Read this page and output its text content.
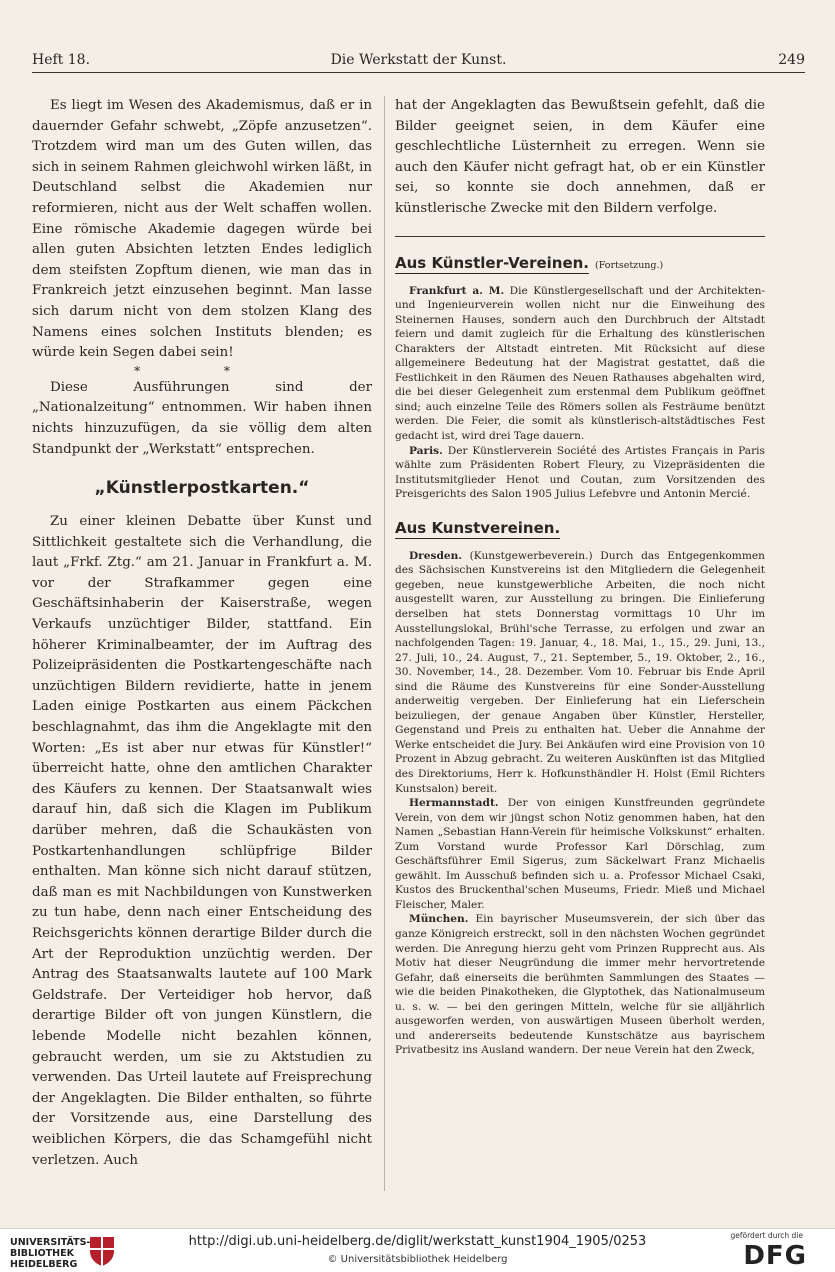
Heft 18.	Die Werkstatt der Kunst.	249

Es liegt im Wesen des Akademismus, daß er in dauernder Gefahr schwebt, „Zöpfe anzusetzen“. Trotzdem wird man um des Guten willen, das sich in seinem Rahmen gleichwohl wirken läßt, in Deutschland selbst die Akademien nur reformieren, nicht aus der Welt schaffen wollen. Eine römische Akademie dagegen würde bei allen guten Absichten letzten Endes lediglich dem steifsten Zopftum dienen, wie man das in Frankreich jetzt einzusehen beginnt. Man lasse sich darum nicht von dem stolzen Klang des Namens eines solchen Instituts blenden; es würde kein Segen dabei sein!

* *

Diese Ausführungen sind der „Nationalzeitung“ entnommen. Wir haben ihnen nichts hinzuzufügen, da sie völlig dem alten Standpunkt der „Werkstatt“ entsprechen.

„Künstlerpostkarten.“

Zu einer kleinen Debatte über Kunst und Sittlichkeit gestaltete sich die Verhandlung, die laut „Frkf. Ztg.“ am 21. Januar in Frankfurt a. M. vor der Strafkammer gegen eine Geschäftsinhaberin der Kaiserstraße, wegen Verkaufs unzüchtiger Bilder, stattfand. Ein höherer Kriminalbeamter, der im Auftrag des Polizeipräsidenten die Postkartengeschäfte nach unzüchtigen Bildern revidierte, hatte in jenem Laden einige Postkarten aus einem Päckchen beschlagnahmt, das ihm die Angeklagte mit den Worten: „Es ist aber nur etwas für Künstler!“ überreicht hatte, ohne den amtlichen Charakter des Käufers zu kennen. Der Staatsanwalt wies darauf hin, daß sich die Klagen im Publikum darüber mehren, daß die Schaukästen von Postkartenhandlungen schlüpfrige Bilder enthalten. Man könne sich nicht darauf stützen, daß man es mit Nachbildungen von Kunstwerken zu tun habe, denn nach einer Entscheidung des Reichsgerichts können derartige Bilder durch die Art der Reproduktion unzüchtig werden. Der Antrag des Staatsanwalts lautete auf 100 Mark Geldstrafe. Der Verteidiger hob hervor, daß derartige Bilder oft von jungen Künstlern, die lebende Modelle nicht bezahlen können, gebraucht werden, um sie zu Aktstudien zu verwenden. Das Urteil lautete auf Freisprechung der Angeklagten. Die Bilder enthalten, so führte der Vorsitzende aus, eine Darstellung des weiblichen Körpers, die das Schamgefühl nicht verletzen. Auch

hat der Angeklagten das Bewußtsein gefehlt, daß die Bilder geeignet seien, in dem Käufer eine geschlechtliche Lüsternheit zu erregen. Wenn sie auch den Käufer nicht gefragt hat, ob er ein Künstler sei, so konnte sie doch annehmen, daß er künstlerische Zwecke mit den Bildern verfolge.

Aus Künstler-Vereinen. (Fortsetzung.)

Frankfurt a. M. Die Künstlergesellschaft und der Architekten- und Ingenieurverein wollen nicht nur die Einweihung des Steinernen Hauses, sondern auch den Durchbruch der Altstadt feiern und damit zugleich für die Erhaltung des künstlerischen Charakters der Altstadt eintreten. Mit Rücksicht auf diese allgemeinere Bedeutung hat der Magistrat gestattet, daß die Festlichkeit in den Räumen des Neuen Rathauses abgehalten wird, die bei dieser Gelegenheit zum erstenmal dem Publikum geöffnet sind; auch einzelne Teile des Römers sollen als Festräume benützt werden. Die Feier, die somit als künstlerisch-altstädtisches Fest gedacht ist, wird drei Tage dauern.

Paris. Der Künstlerverein Société des Artistes Français in Paris wählte zum Präsidenten Robert Fleury, zu Vizepräsidenten die Institutsmitglieder Henot und Coutan, zum Vorsitzenden des Preisgerichts des Salon 1905 Julius Lefebvre und Antonin Mercié.

Aus Kunstvereinen.

Dresden. (Kunstgewerbeverein.) Durch das Entgegenkommen des Sächsischen Kunstvereins ist den Mitgliedern die Gelegenheit gegeben, neue kunstgewerbliche Arbeiten, die noch nicht ausgestellt waren, zur Ausstellung zu bringen. Die Einlieferung derselben hat stets Donnerstag vormittags 10 Uhr im Ausstellungslokal, Brühl'sche Terrasse, zu erfolgen und zwar an nachfolgenden Tagen: 19. Januar, 4., 18. Mai, 1., 15., 29. Juni, 13., 27. Juli, 10., 24. August, 7., 21. September, 5., 19. Oktober, 2., 16., 30. November, 14., 28. Dezember. Vom 10. Februar bis Ende April sind die Räume des Kunstvereins für eine Sonder-Ausstellung anderweitig vergeben. Der Einlieferung hat ein Lieferschein beizuliegen, der genaue Angaben über Künstler, Hersteller, Gegenstand und Preis zu enthalten hat. Ueber die Annahme der Werke entscheidet die Jury. Bei Ankäufen wird eine Provision von 10 Prozent in Abzug gebracht. Zu weiteren Auskünften ist das Mitglied des Direktoriums, Herr k. Hofkunsthändler H. Holst (Emil Richters Kunstsalon) bereit.

Hermannstadt. Der von einigen Kunstfreunden gegründete Verein, von dem wir jüngst schon Notiz genommen haben, hat den Namen „Sebastian Hann-Verein für heimische Volkskunst“ erhalten. Zum Vorstand wurde Professor Karl Dörschlag, zum Geschäftsführer Emil Sigerus, zum Säckelwart Franz Michaelis gewählt. Im Ausschuß befinden sich u. a. Professor Michael Csaki, Kustos des Bruckenthal'schen Museums, Friedr. Mieß und Michael Fleischer, Maler.

München. Ein bayrischer Museumsverein, der sich über das ganze Königreich erstreckt, soll in den nächsten Wochen gegründet werden. Die Anregung hierzu geht vom Prinzen Rupprecht aus. Als Motiv hat dieser Neugründung die immer mehr hervortretende Gefahr, daß einerseits die berühmten Sammlungen des Staates — wie die beiden Pinakotheken, die Glyptothek, das Nationalmuseum u. s. w. — bei den geringen Mitteln, welche für sie alljährlich ausgeworfen werden, von auswärtigen Museen überholt werden, und andererseits bedeutende Kunstschätze aus bayrischem Privatbesitz ins Ausland wandern. Der neue Verein hat den Zweck,

UNIVERSITÄTS-
BIBLIOTHEK
HEIDELBERG
http://digi.ub.uni-heidelberg.de/diglit/werkstatt_kunst1904_1905/0253
© Universitätsbibliothek Heidelberg
gefördert durch die
DFG
